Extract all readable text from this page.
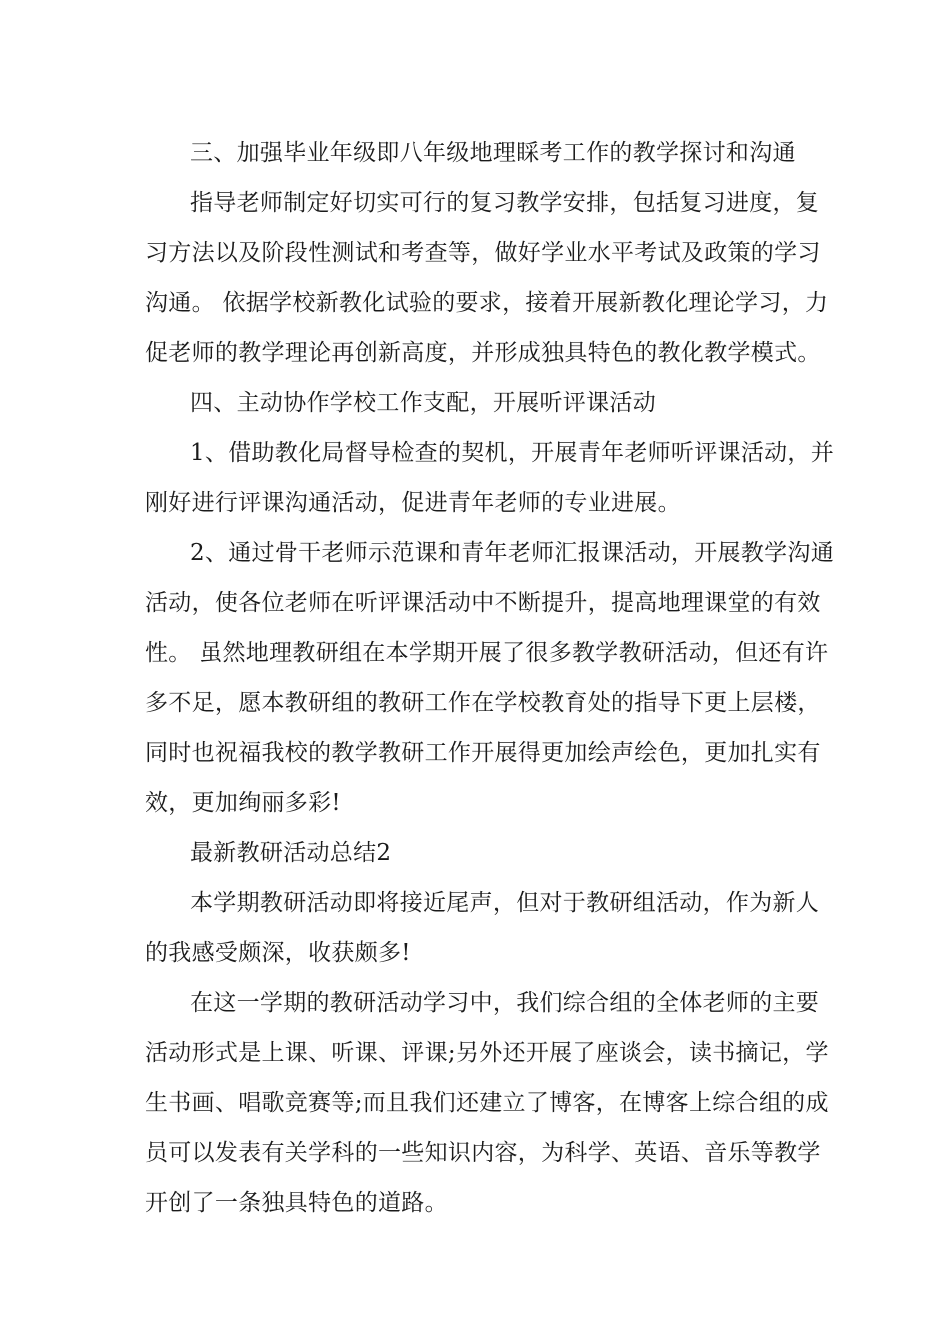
三、加强毕业年级即八年级地理睬考工作的教学探讨和沟通
指导老师制定好切实可行的复习教学安排，包括复习进度，复
习方法以及阶段性测试和考查等，做好学业水平考试及政策的学习
沟通。 依据学校新教化试验的要求，接着开展新教化理论学习，力
促老师的教学理论再创新高度，并形成独具特色的教化教学模式。
四、主动协作学校工作支配，开展听评课活动
1、借助教化局督导检查的契机，开展青年老师听评课活动，并
刚好进行评课沟通活动，促进青年老师的专业进展。
2、通过骨干老师示范课和青年老师汇报课活动，开展教学沟通
活动，使各位老师在听评课活动中不断提升，提高地理课堂的有效
性。 虽然地理教研组在本学期开展了很多教学教研活动，但还有许
多不足，愿本教研组的教研工作在学校教育处的指导下更上层楼，
同时也祝福我校的教学教研工作开展得更加绘声绘色，更加扎实有
效，更加绚丽多彩!
最新教研活动总结2
本学期教研活动即将接近尾声，但对于教研组活动，作为新人
的我感受颇深，收获颇多!
在这一学期的教研活动学习中，我们综合组的全体老师的主要
活动形式是上课、听课、评课;另外还开展了座谈会，读书摘记，学
生书画、唱歌竞赛等;而且我们还建立了博客，在博客上综合组的成
员可以发表有关学科的一些知识内容，为科学、英语、音乐等教学
开创了一条独具特色的道路。
